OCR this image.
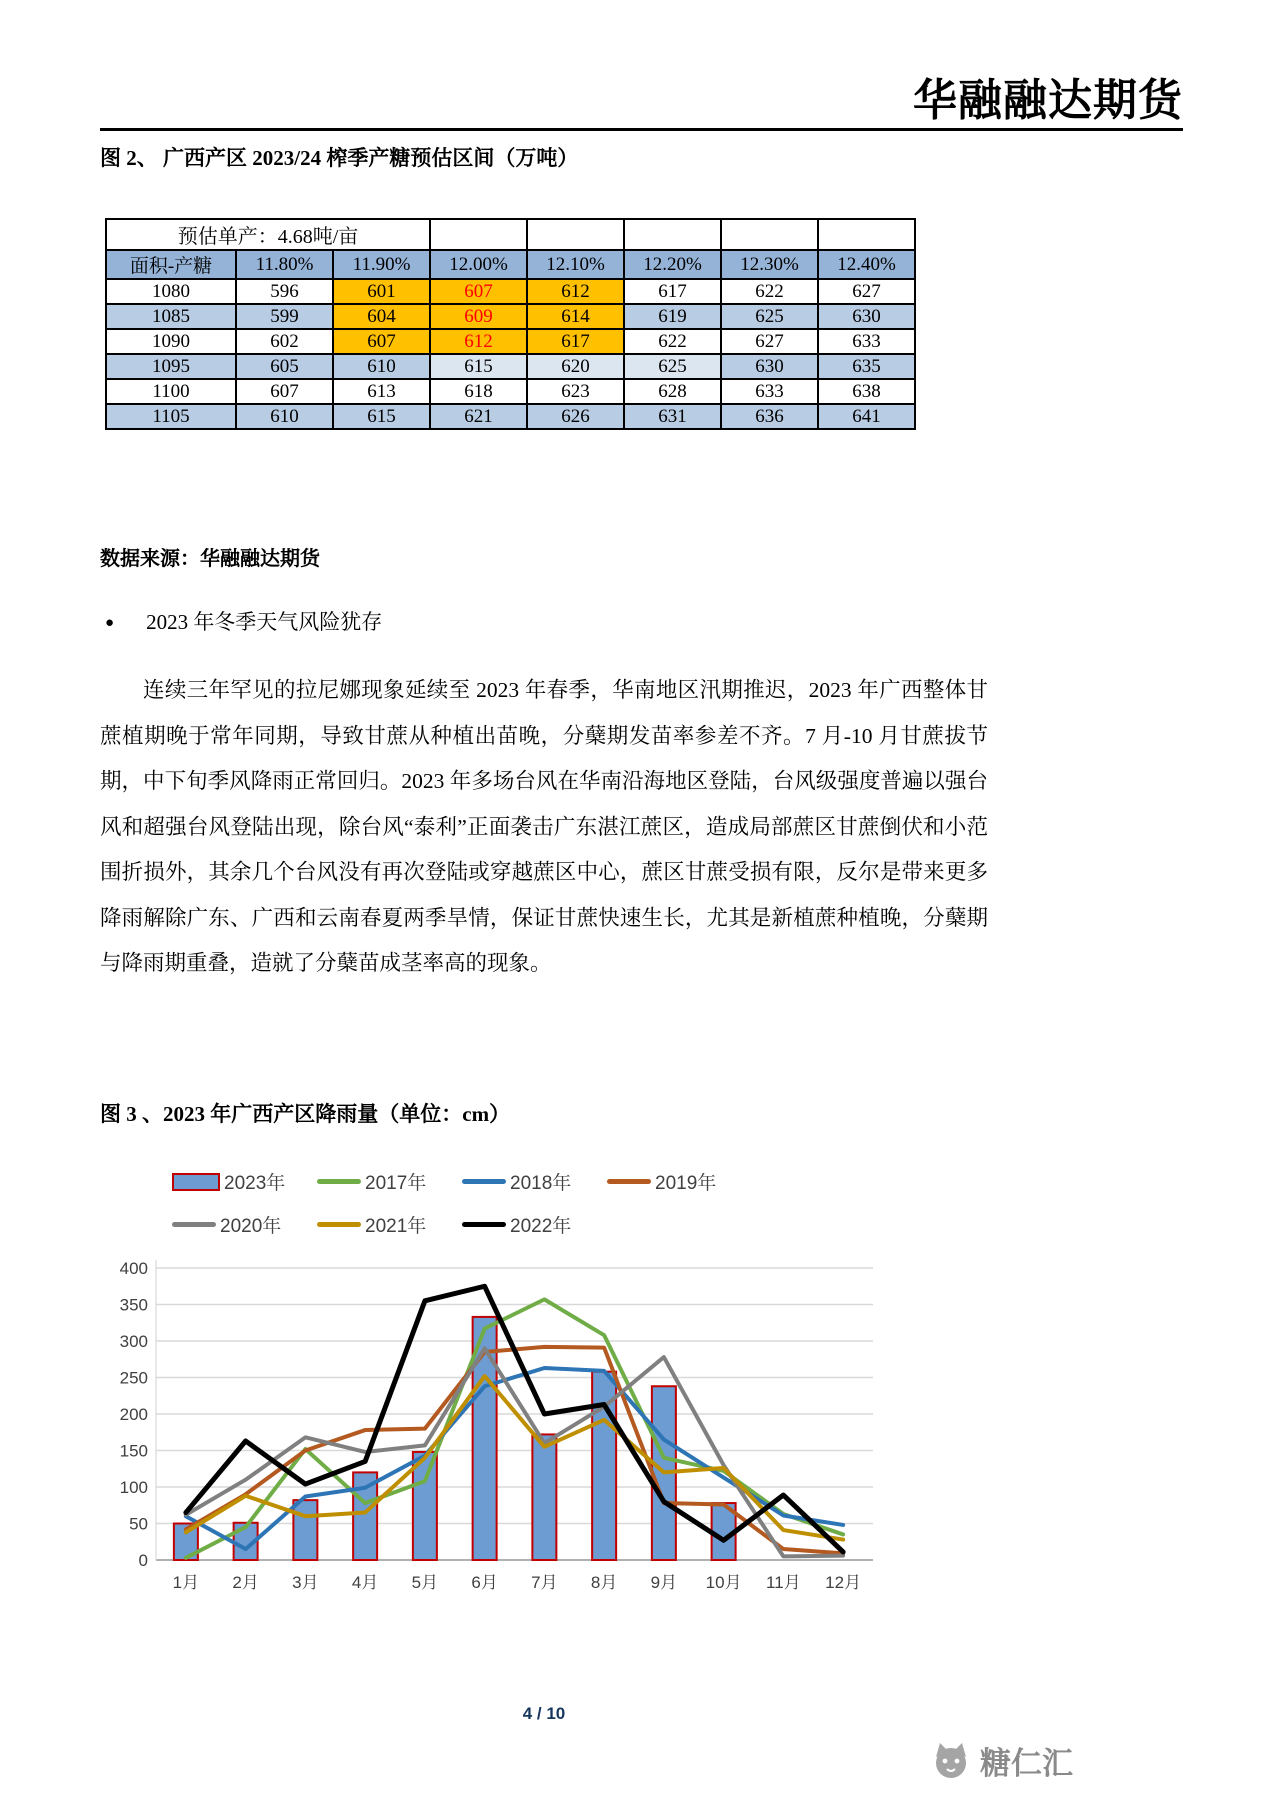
华融融达期货
图 2、 广西产区 2023/24 榨季产糖预估区间（万吨）
预估单产：4.68吨/亩							
面积-产糖	11.80%	11.90%	12.00%	12.10%	12.20%	12.30%	12.40%
1080	596	601	607	612	617	622	627
1085	599	604	609	614	619	625	630
1090	602	607	612	617	622	627	633
1095	605	610	615	620	625	630	635
1100	607	613	618	623	628	633	638
1105	610	615	621	626	631	636	641
数据来源：华融融达期货
● 2023 年冬季天气风险犹存

连续三年罕见的拉尼娜现象延续至 2023 年春季，华南地区汛期推迟，2023 年广西整体甘蔗植期晚于常年同期，导致甘蔗从种植出苗晚，分蘖期发苗率参差不齐。7 月-10 月甘蔗拔节期，中下旬季风降雨正常回归。2023 年多场台风在华南沿海地区登陆，台风级强度普遍以强台风和超强台风登陆出现，除台风“泰利”正面袭击广东湛江蔗区，造成局部蔗区甘蔗倒伏和小范围折损外，其余几个台风没有再次登陆或穿越蔗区中心，蔗区甘蔗受损有限，反尔是带来更多降雨解除广东、广西和云南春夏两季旱情，保证甘蔗快速生长，尤其是新植蔗种植晚，分蘖期与降雨期重叠，造就了分蘖苗成茎率高的现象。

图 3 、2023 年广西产区降雨量（单位：cm）
2023年	2017年	2018年	2019年
2020年	2021年	2022年
0
50
100
150
200
250
300
350
400
1月 2月 3月 4月 5月 6月 7月 8月 9月 10月 11月 12月
4 / 10
糖仁汇
